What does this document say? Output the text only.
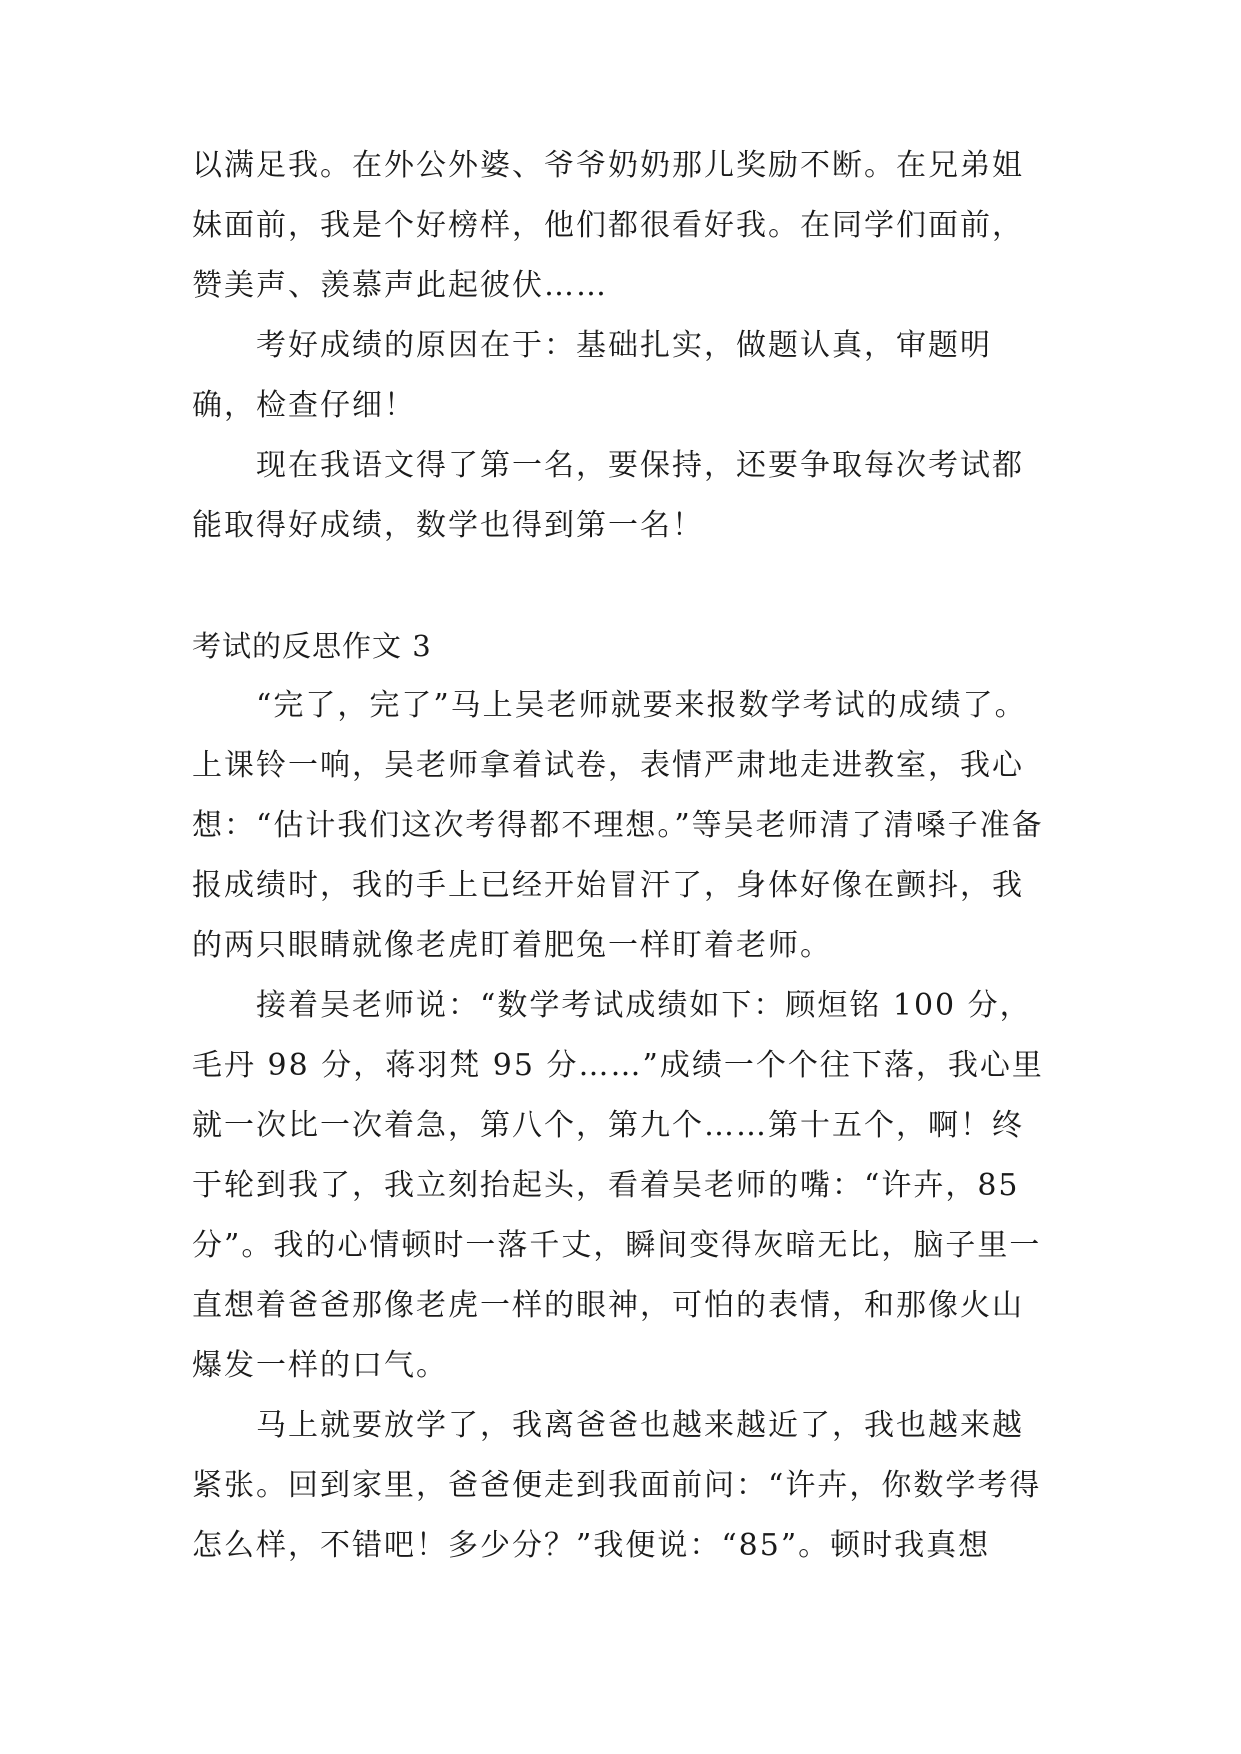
以满足我。在外公外婆、爷爷奶奶那儿奖励不断。在兄弟姐妹面前，我是个好榜样，他们都很看好我。在同学们面前，赞美声、羡慕声此起彼伏……

考好成绩的原因在于：基础扎实，做题认真，审题明确，检查仔细！

现在我语文得了第一名，要保持，还要争取每次考试都能取得好成绩，数学也得到第一名！

考试的反思作文 3

“完了，完了”马上吴老师就要来报数学考试的成绩了。上课铃一响，吴老师拿着试卷，表情严肃地走进教室，我心想：“估计我们这次考得都不理想。”等吴老师清了清嗓子准备报成绩时，我的手上已经开始冒汗了，身体好像在颤抖，我的两只眼睛就像老虎盯着肥兔一样盯着老师。

接着吴老师说：“数学考试成绩如下：顾烜铭 100 分，毛丹 98 分，蒋羽梵 95 分……”成绩一个个往下落，我心里就一次比一次着急，第八个，第九个……第十五个，啊！终于轮到我了，我立刻抬起头，看着吴老师的嘴：“许卉，85 分”。我的心情顿时一落千丈，瞬间变得灰暗无比，脑子里一直想着爸爸那像老虎一样的眼神，可怕的表情，和那像火山爆发一样的口气。

马上就要放学了，我离爸爸也越来越近了，我也越来越紧张。回到家里，爸爸便走到我面前问：“许卉，你数学考得怎么样，不错吧！多少分？”我便说：“85”。顿时我真想
